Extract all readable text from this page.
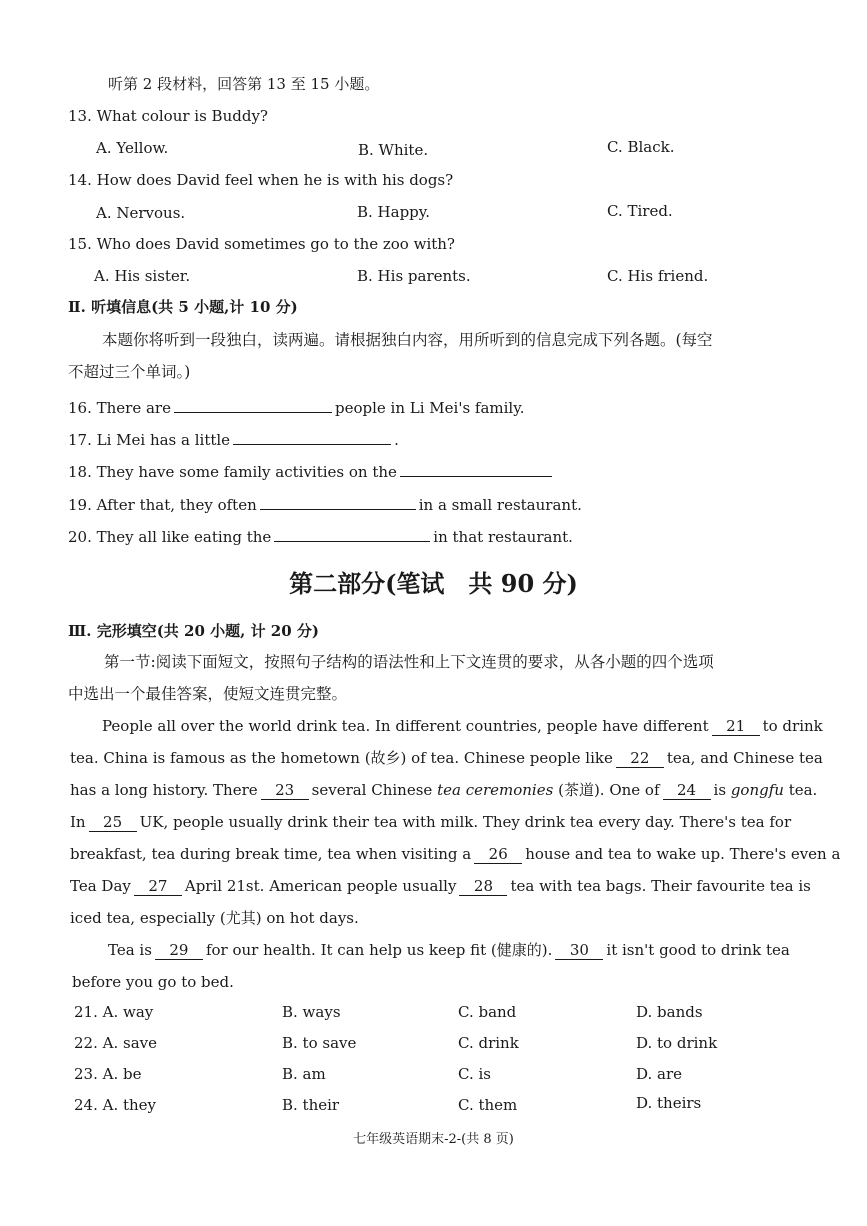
听第 2 段材料，回答第 13 至 15 小题。
13. What colour is Buddy?
A. Yellow.	B. White.	C. Black.
14. How does David feel when he is with his dogs?
A. Nervous.	B. Happy.	C. Tired.
15. Who does David sometimes go to the zoo with?
A. His sister.	B. His parents.	C. His friend.
Ⅱ. 听填信息(共 5 小题,计 10 分)
本题你将听到一段独白，读两遍。请根据独白内容，用所听到的信息完成下列各题。(每空
不超过三个单词。)
16. There are	people in Li Mei's family.
17. Li Mei has a little	.
18. They have some family activities on the
19. After that, they often	in a small restaurant.
20. They all like eating the	in that restaurant.
第二部分(笔试　共 90 分)
Ⅲ. 完形填空(共 20 小题, 计 20 分)
第一节:阅读下面短文，按照句子结构的语法性和上下文连贯的要求，从各小题的四个选项
中选出一个最佳答案，使短文连贯完整。
People all over the world drink tea. In different countries, people have different 21 to drink
tea. China is famous as the hometown (故乡) of tea. Chinese people like 22 tea, and Chinese tea
has a long history. There 23 several Chinese tea ceremonies (茶道). One of 24 is gongfu tea.
In 25 UK, people usually drink their tea with milk. They drink tea every day. There's tea for
breakfast, tea during break time, tea when visiting a 26 house and tea to wake up. There's even a
Tea Day 27 April 21st. American people usually 28 tea with tea bags. Their favourite tea is
iced tea, especially (尤其) on hot days.
Tea is 29 for our health. It can help us keep fit (健康的). 30 it isn't good to drink tea
before you go to bed.
21. A. way	B. ways	C. band	D. bands
22. A. save	B. to save	C. drink	D. to drink
23. A. be	B. am	C. is	D. are
24. A. they	B. their	C. them	D. theirs
七年级英语期末-2-(共 8 页)
